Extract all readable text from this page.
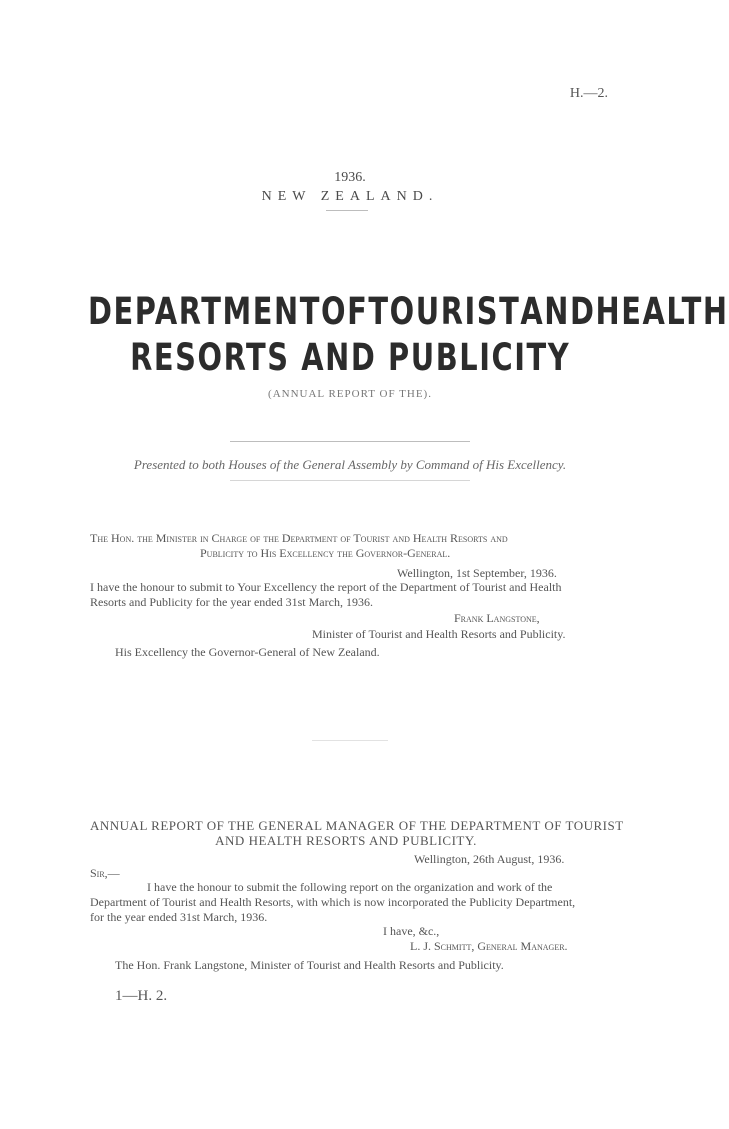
H.—2.
1936.
NEW ZEALAND.
DEPARTMENT OF TOURIST AND HEALTH
RESORTS AND PUBLICITY
(ANNUAL REPORT OF THE).
Presented to both Houses of the General Assembly by Command of His Excellency.
The Hon. the Minister in Charge of the Department of Tourist and Health Resorts and
Publicity to His Excellency the Governor-General.
Wellington, 1st September, 1936.
I have the honour to submit to Your Excellency the report of the Department of Tourist and Health
Resorts and Publicity for the year ended 31st March, 1936.
Frank Langstone,
Minister of Tourist and Health Resorts and Publicity.
His Excellency the Governor-General of New Zealand.
ANNUAL REPORT OF THE GENERAL MANAGER OF THE DEPARTMENT OF TOURIST
AND HEALTH RESORTS AND PUBLICITY.
Wellington, 26th August, 1936.
Sir,—
I have the honour to submit the following report on the organization and work of the
Department of Tourist and Health Resorts, with which is now incorporated the Publicity Department,
for the year ended 31st March, 1936.
I have, &c.,
L. J. Schmitt, General Manager.
The Hon. Frank Langstone, Minister of Tourist and Health Resorts and Publicity.
1—H. 2.
